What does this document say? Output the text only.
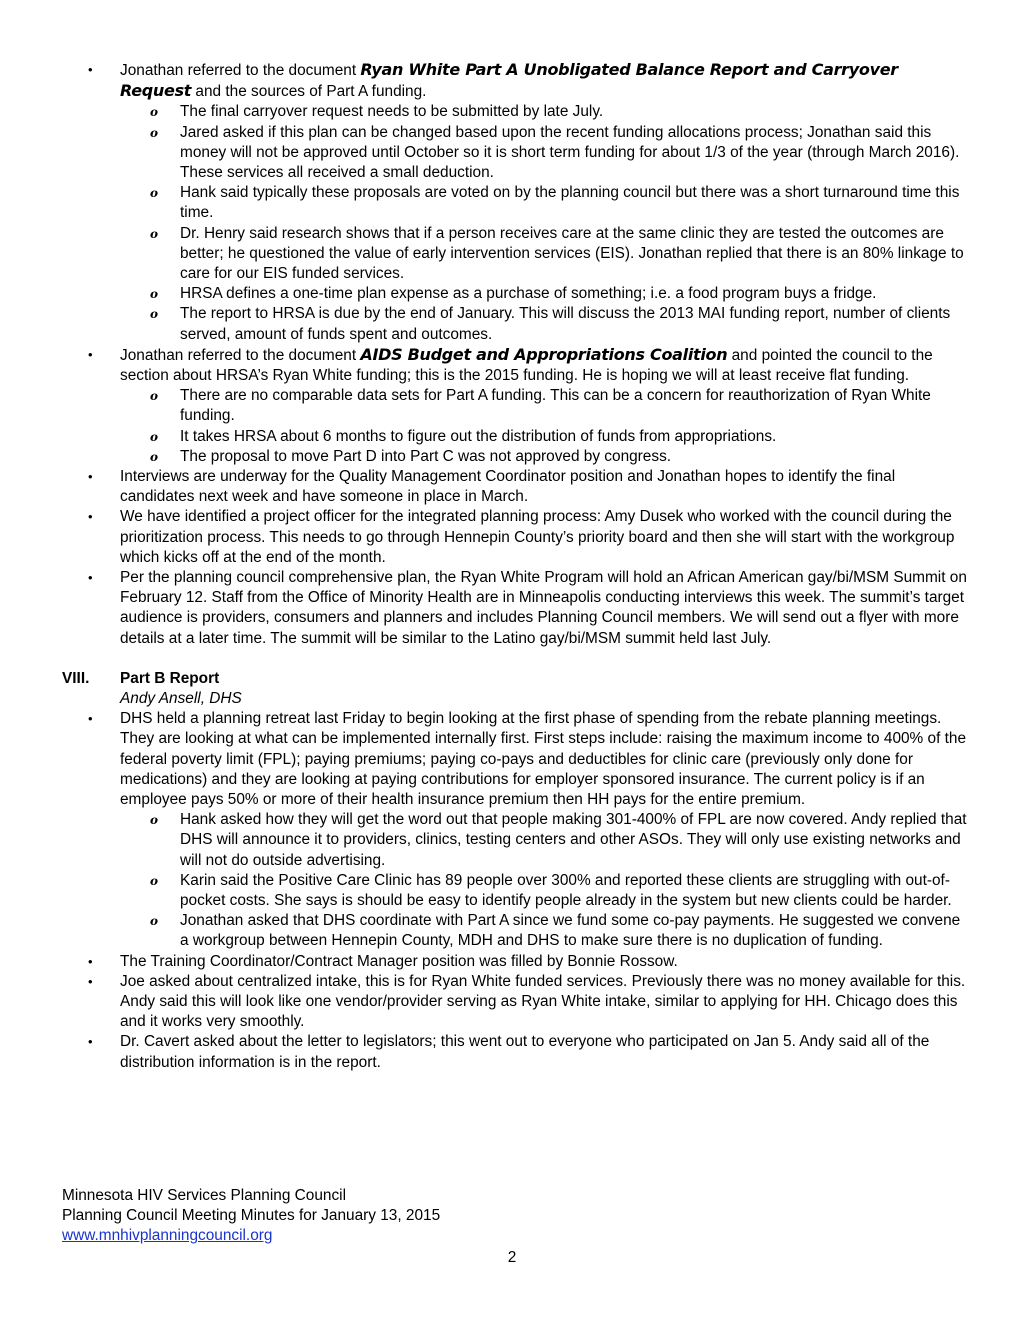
• Jonathan referred to the document Ryan White Part A Unobligated Balance Report and Carryover Request and the sources of Part A funding.
o The final carryover request needs to be submitted by late July.
o Jared asked if this plan can be changed based upon the recent funding allocations process; Jonathan said this money will not be approved until October so it is short term funding for about 1/3 of the year (through March 2016). These services all received a small deduction.
o Hank said typically these proposals are voted on by the planning council but there was a short turnaround time this time.
o Dr. Henry said research shows that if a person receives care at the same clinic they are tested the outcomes are better; he questioned the value of early intervention services (EIS). Jonathan replied that there is an 80% linkage to care for our EIS funded services.
o HRSA defines a one-time plan expense as a purchase of something; i.e. a food program buys a fridge.
o The report to HRSA is due by the end of January. This will discuss the 2013 MAI funding report, number of clients served, amount of funds spent and outcomes.
• Jonathan referred to the document AIDS Budget and Appropriations Coalition and pointed the council to the section about HRSA’s Ryan White funding; this is the 2015 funding. He is hoping we will at least receive flat funding.
o There are no comparable data sets for Part A funding. This can be a concern for reauthorization of Ryan White funding.
o It takes HRSA about 6 months to figure out the distribution of funds from appropriations.
o The proposal to move Part D into Part C was not approved by congress.
• Interviews are underway for the Quality Management Coordinator position and Jonathan hopes to identify the final candidates next week and have someone in place in March.
• We have identified a project officer for the integrated planning process: Amy Dusek who worked with the council during the prioritization process. This needs to go through Hennepin County’s priority board and then she will start with the workgroup which kicks off at the end of the month.
• Per the planning council comprehensive plan, the Ryan White Program will hold an African American gay/bi/MSM Summit on February 12. Staff from the Office of Minority Health are in Minneapolis conducting interviews this week. The summit’s target audience is providers, consumers and planners and includes Planning Council members. We will send out a flyer with more details at a later time. The summit will be similar to the Latino gay/bi/MSM summit held last July.
VIII. Part B Report
Andy Ansell, DHS
• DHS held a planning retreat last Friday to begin looking at the first phase of spending from the rebate planning meetings. They are looking at what can be implemented internally first. First steps include: raising the maximum income to 400% of the federal poverty limit (FPL); paying premiums; paying co-pays and deductibles for clinic care (previously only done for medications) and they are looking at paying contributions for employer sponsored insurance. The current policy is if an employee pays 50% or more of their health insurance premium then HH pays for the entire premium.
o Hank asked how they will get the word out that people making 301-400% of FPL are now covered. Andy replied that DHS will announce it to providers, clinics, testing centers and other ASOs. They will only use existing networks and will not do outside advertising.
o Karin said the Positive Care Clinic has 89 people over 300% and reported these clients are struggling with out-of-pocket costs. She says is should be easy to identify people already in the system but new clients could be harder.
o Jonathan asked that DHS coordinate with Part A since we fund some co-pay payments. He suggested we convene a workgroup between Hennepin County, MDH and DHS to make sure there is no duplication of funding.
• The Training Coordinator/Contract Manager position was filled by Bonnie Rossow.
• Joe asked about centralized intake, this is for Ryan White funded services. Previously there was no money available for this. Andy said this will look like one vendor/provider serving as Ryan White intake, similar to applying for HH. Chicago does this and it works very smoothly.
• Dr. Cavert asked about the letter to legislators; this went out to everyone who participated on Jan 5. Andy said all of the distribution information is in the report.
Minnesota HIV Services Planning Council
Planning Council Meeting Minutes for January 13, 2015
www.mnhivplanningcouncil.org
2
